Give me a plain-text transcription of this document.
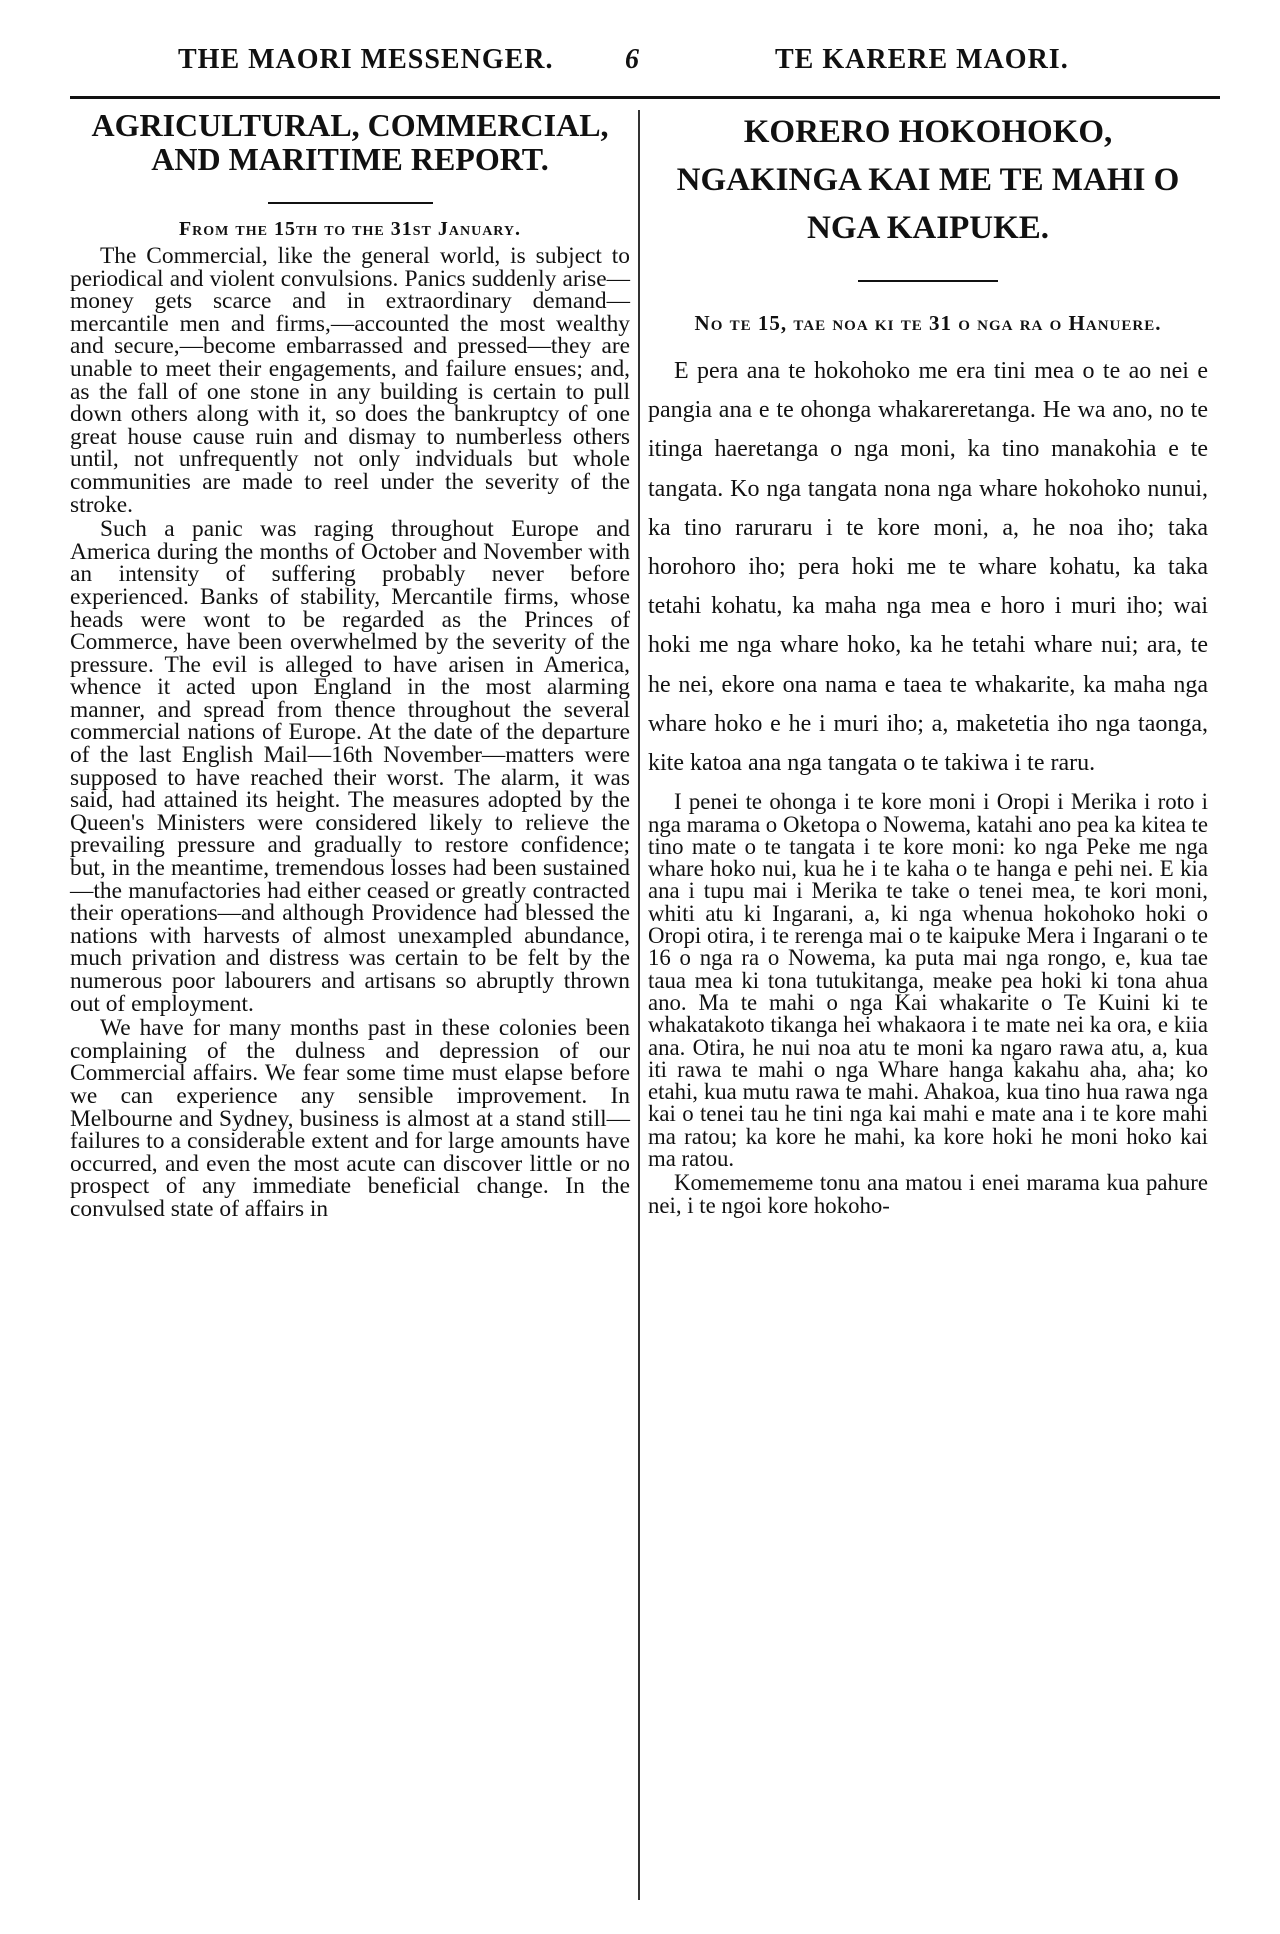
THE MAORI MESSENGER.	6	TE KARERE MAORI.
AGRICULTURAL, COMMERCIAL, AND MARITIME REPORT.
From the 15th to the 31st January.

The Commercial, like the general world, is subject to periodical and violent convulsions. Panics suddenly arise—money gets scarce and in extraordinary demand—mercantile men and firms,—accounted the most wealthy and secure,—become embarrassed and pressed—they are unable to meet their engagements, and failure ensues; and, as the fall of one stone in any building is certain to pull down others along with it, so does the bankruptcy of one great house cause ruin and dismay to numberless others until, not unfrequently not only indviduals but whole communities are made to reel under the severity of the stroke.

Such a panic was raging throughout Europe and America during the months of October and November with an intensity of suffering probably never before experienced. Banks of stability, Mercantile firms, whose heads were wont to be regarded as the Princes of Commerce, have been overwhelmed by the severity of the pressure. The evil is alleged to have arisen in America, whence it acted upon England in the most alarming manner, and spread from thence throughout the several commercial nations of Europe. At the date of the departure of the last English Mail—16th November—matters were supposed to have reached their worst. The alarm, it was said, had attained its height. The measures adopted by the Queen's Ministers were considered likely to relieve the prevailing pressure and gradually to restore confidence; but, in the meantime, tremendous losses had been sustained—the manufactories had either ceased or greatly contracted their operations—and although Providence had blessed the nations with harvests of almost unexampled abundance, much privation and distress was certain to be felt by the numerous poor labourers and artisans so abruptly thrown out of employment.

We have for many months past in these colonies been complaining of the dulness and depression of our Commercial affairs. We fear some time must elapse before we can experience any sensible improvement. In Melbourne and Sydney, business is almost at a stand still—failures to a considerable extent and for large amounts have occurred, and even the most acute can discover little or no prospect of any immediate beneficial change. In the convulsed state of affairs in

KORERO HOKOHOKO, NGAKINGA KAI ME TE MAHI O NGA KAIPUKE.
No te 15, tae noa ki te 31 o nga ra o Hanuere.

E pera ana te hokohoko me era tini mea o te ao nei e pangia ana e te ohonga whakareretanga. He wa ano, no te itinga haeretanga o nga moni, ka tino manakohia e te tangata. Ko nga tangata nona nga whare hokohoko nunui, ka tino raruraru i te kore moni, a, he noa iho; taka horohoro iho; pera hoki me te whare kohatu, ka taka tetahi kohatu, ka maha nga mea e horo i muri iho; wai hoki me nga whare hoko, ka he tetahi whare nui; ara, te he nei, ekore ona nama e taea te whakarite, ka maha nga whare hoko e he i muri iho; a, maketetia iho nga taonga, kite katoa ana nga tangata o te takiwa i te raru.

I penei te ohonga i te kore moni i Oropi i Merika i roto i nga marama o Oketopa o Nowema, katahi ano pea ka kitea te tino mate o te tangata i te kore moni: ko nga Peke me nga whare hoko nui, kua he i te kaha o te hanga e pehi nei. E kia ana i tupu mai i Merika te take o tenei mea, te kori moni, whiti atu ki Ingarani, a, ki nga whenua hokohoko hoki o Oropi otira, i te rerenga mai o te kaipuke Mera i Ingarani o te 16 o nga ra o Nowema, ka puta mai nga rongo, e, kua tae taua mea ki tona tutukitanga, meake pea hoki ki tona ahua ano. Ma te mahi o nga Kai whakarite o Te Kuini ki te whakatakoto tikanga hei whakaora i te mate nei ka ora, e kiia ana. Otira, he nui noa atu te moni ka ngaro rawa atu, a, kua iti rawa te mahi o nga Whare hanga kakahu aha, aha; ko etahi, kua mutu rawa te mahi. Ahakoa, kua tino hua rawa nga kai o tenei tau he tini nga kai mahi e mate ana i te kore mahi ma ratou; ka kore he mahi, ka kore hoki he moni hoko kai ma ratou.

Komemememe tonu ana matou i enei marama kua pahure nei, i te ngoi kore hokoho-
